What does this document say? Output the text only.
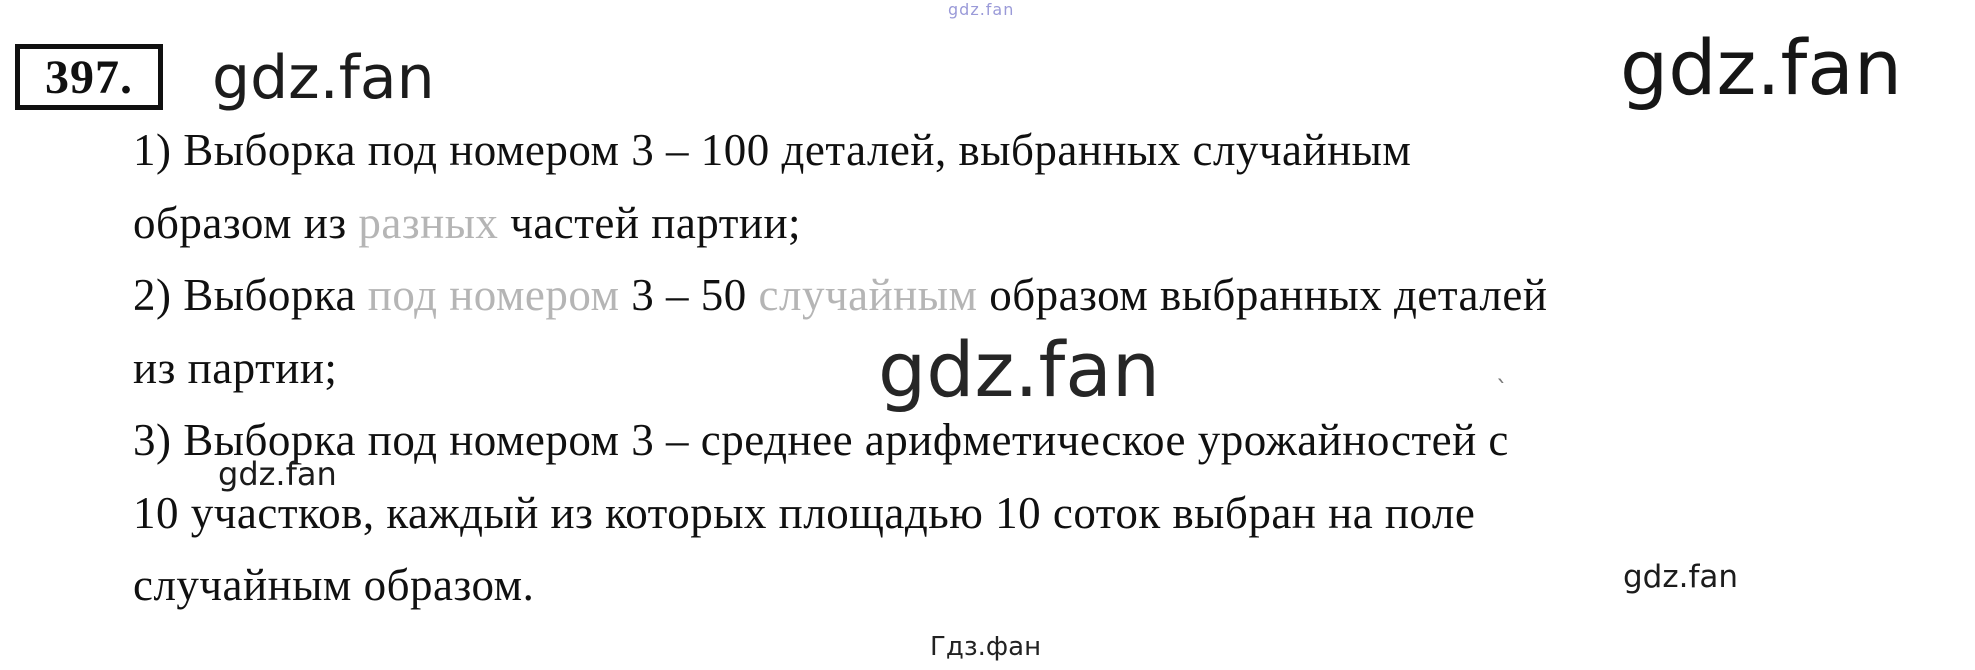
gdz.fan
397. gdz.fan	gdz.fan
1) Выборка под номером 3 – 100 деталей, выбранных случайным
образом из разных частей партии;
2) Выборка под номером 3 – 50 случайным образом выбранных деталей
из партии;
3) Выборка под номером 3 – среднее арифметическое урожайностей с
10 участков, каждый из которых площадью 10 соток выбран на поле
случайным образом.
gdz.fan
gdz.fan
`
gdz.fan
Гдз.фан
